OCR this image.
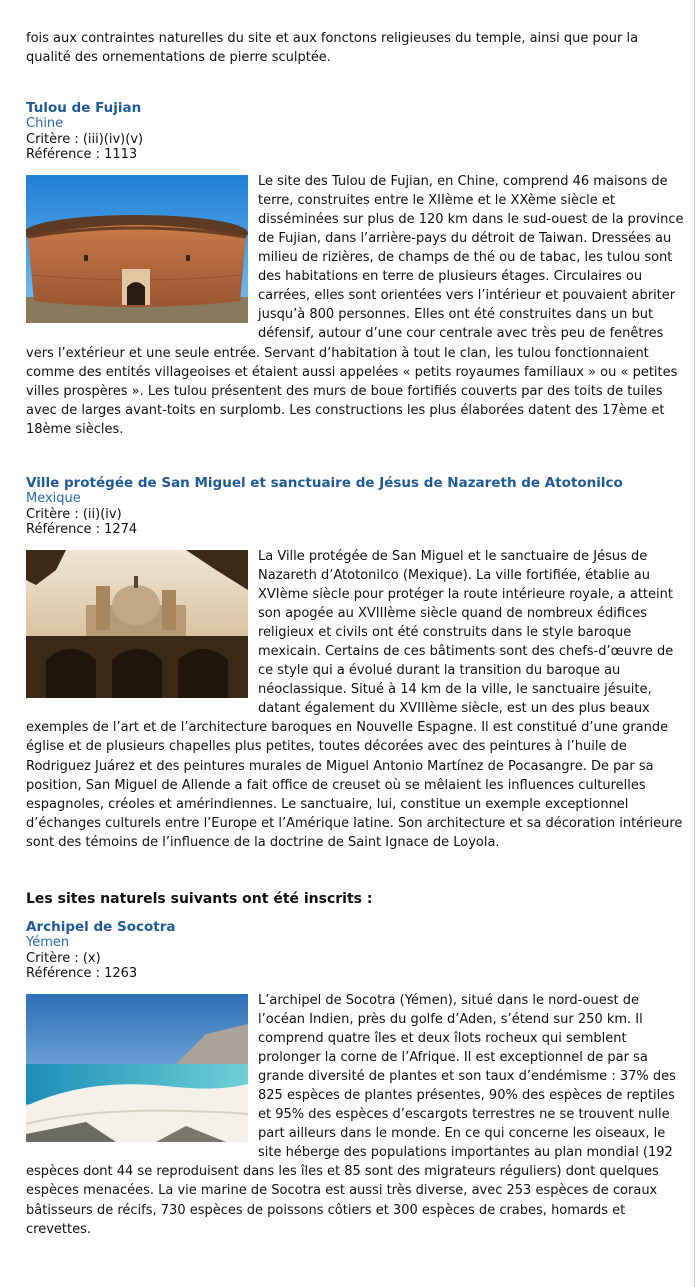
fois aux contraintes naturelles du site et aux fonctons religieuses du temple, ainsi que pour la qualité des ornementations de pierre sculptée.

Tulou de Fujian
Chine
Critère : (iii)(iv)(v)
Référence : 1113

Le site des Tulou de Fujian, en Chine, comprend 46 maisons de terre, construites entre le XIIème et le XXème siècle et disséminées sur plus de 120 km dans le sud-ouest de la province de Fujian, dans l’arrière-pays du détroit de Taiwan. Dressées au milieu de rizières, de champs de thé ou de tabac, les tulou sont des habitations en terre de plusieurs étages. Circulaires ou carrées, elles sont orientées vers l’intérieur et pouvaient abriter jusqu’à 800 personnes. Elles ont été construites dans un but défensif, autour d’une cour centrale avec très peu de fenêtres vers l’extérieur et une seule entrée. Servant d’habitation à tout le clan, les tulou fonctionnaient comme des entités villageoises et étaient aussi appelées « petits royaumes familiaux » ou « petites villes prospères ». Les tulou présentent des murs de boue fortifiés couverts par des toits de tuiles avec de larges avant-toits en surplomb. Les constructions les plus élaborées datent des 17ème et 18ème siècles.

Ville protégée de San Miguel et sanctuaire de Jésus de Nazareth de Atotonilco
Mexique
Critère : (ii)(iv)
Référence : 1274

La Ville protégée de San Miguel et le sanctuaire de Jésus de Nazareth d’Atotonilco (Mexique). La ville fortifiée, établie au XVIème siècle pour protéger la route intérieure royale, a atteint son apogée au XVIIIème siècle quand de nombreux édifices religieux et civils ont été construits dans le style baroque mexicain. Certains de ces bâtiments sont des chefs-d’œuvre de ce style qui a évolué durant la transition du baroque au néoclassique. Situé à 14 km de la ville, le sanctuaire jésuite, datant également du XVIIIème siècle, est un des plus beaux exemples de l’art et de l’architecture baroques en Nouvelle Espagne. Il est constitué d’une grande église et de plusieurs chapelles plus petites, toutes décorées avec des peintures à l’huile de Rodriguez Juárez et des peintures murales de Miguel Antonio Martínez de Pocasangre. De par sa position, San Miguel de Allende a fait office de creuset où se mêlaient les influences culturelles espagnoles, créoles et amérindiennes. Le sanctuaire, lui, constitue un exemple exceptionnel d’échanges culturels entre l’Europe et l’Amérique latine. Son architecture et sa décoration intérieure sont des témoins de l’influence de la doctrine de Saint Ignace de Loyola.

Les sites naturels suivants ont été inscrits :
Archipel de Socotra
Yémen
Critère : (x)
Référence : 1263

L’archipel de Socotra (Yémen), situé dans le nord-ouest de l’océan Indien, près du golfe d’Aden, s’étend sur 250 km. Il comprend quatre îles et deux îlots rocheux qui semblent prolonger la corne de l’Afrique. Il est exceptionnel de par sa grande diversité de plantes et son taux d’endémisme : 37% des 825 espèces de plantes présentes, 90% des espèces de reptiles et 95% des espèces d’escargots terrestres ne se trouvent nulle part ailleurs dans le monde. En ce qui concerne les oiseaux, le site héberge des populations importantes au plan mondial (192 espèces dont 44 se reproduisent dans les îles et 85 sont des migrateurs réguliers) dont quelques espèces menacées. La vie marine de Socotra est aussi très diverse, avec 253 espèces de coraux bâtisseurs de récifs, 730 espèces de poissons côtiers et 300 espèces de crabes, homards et crevettes.
